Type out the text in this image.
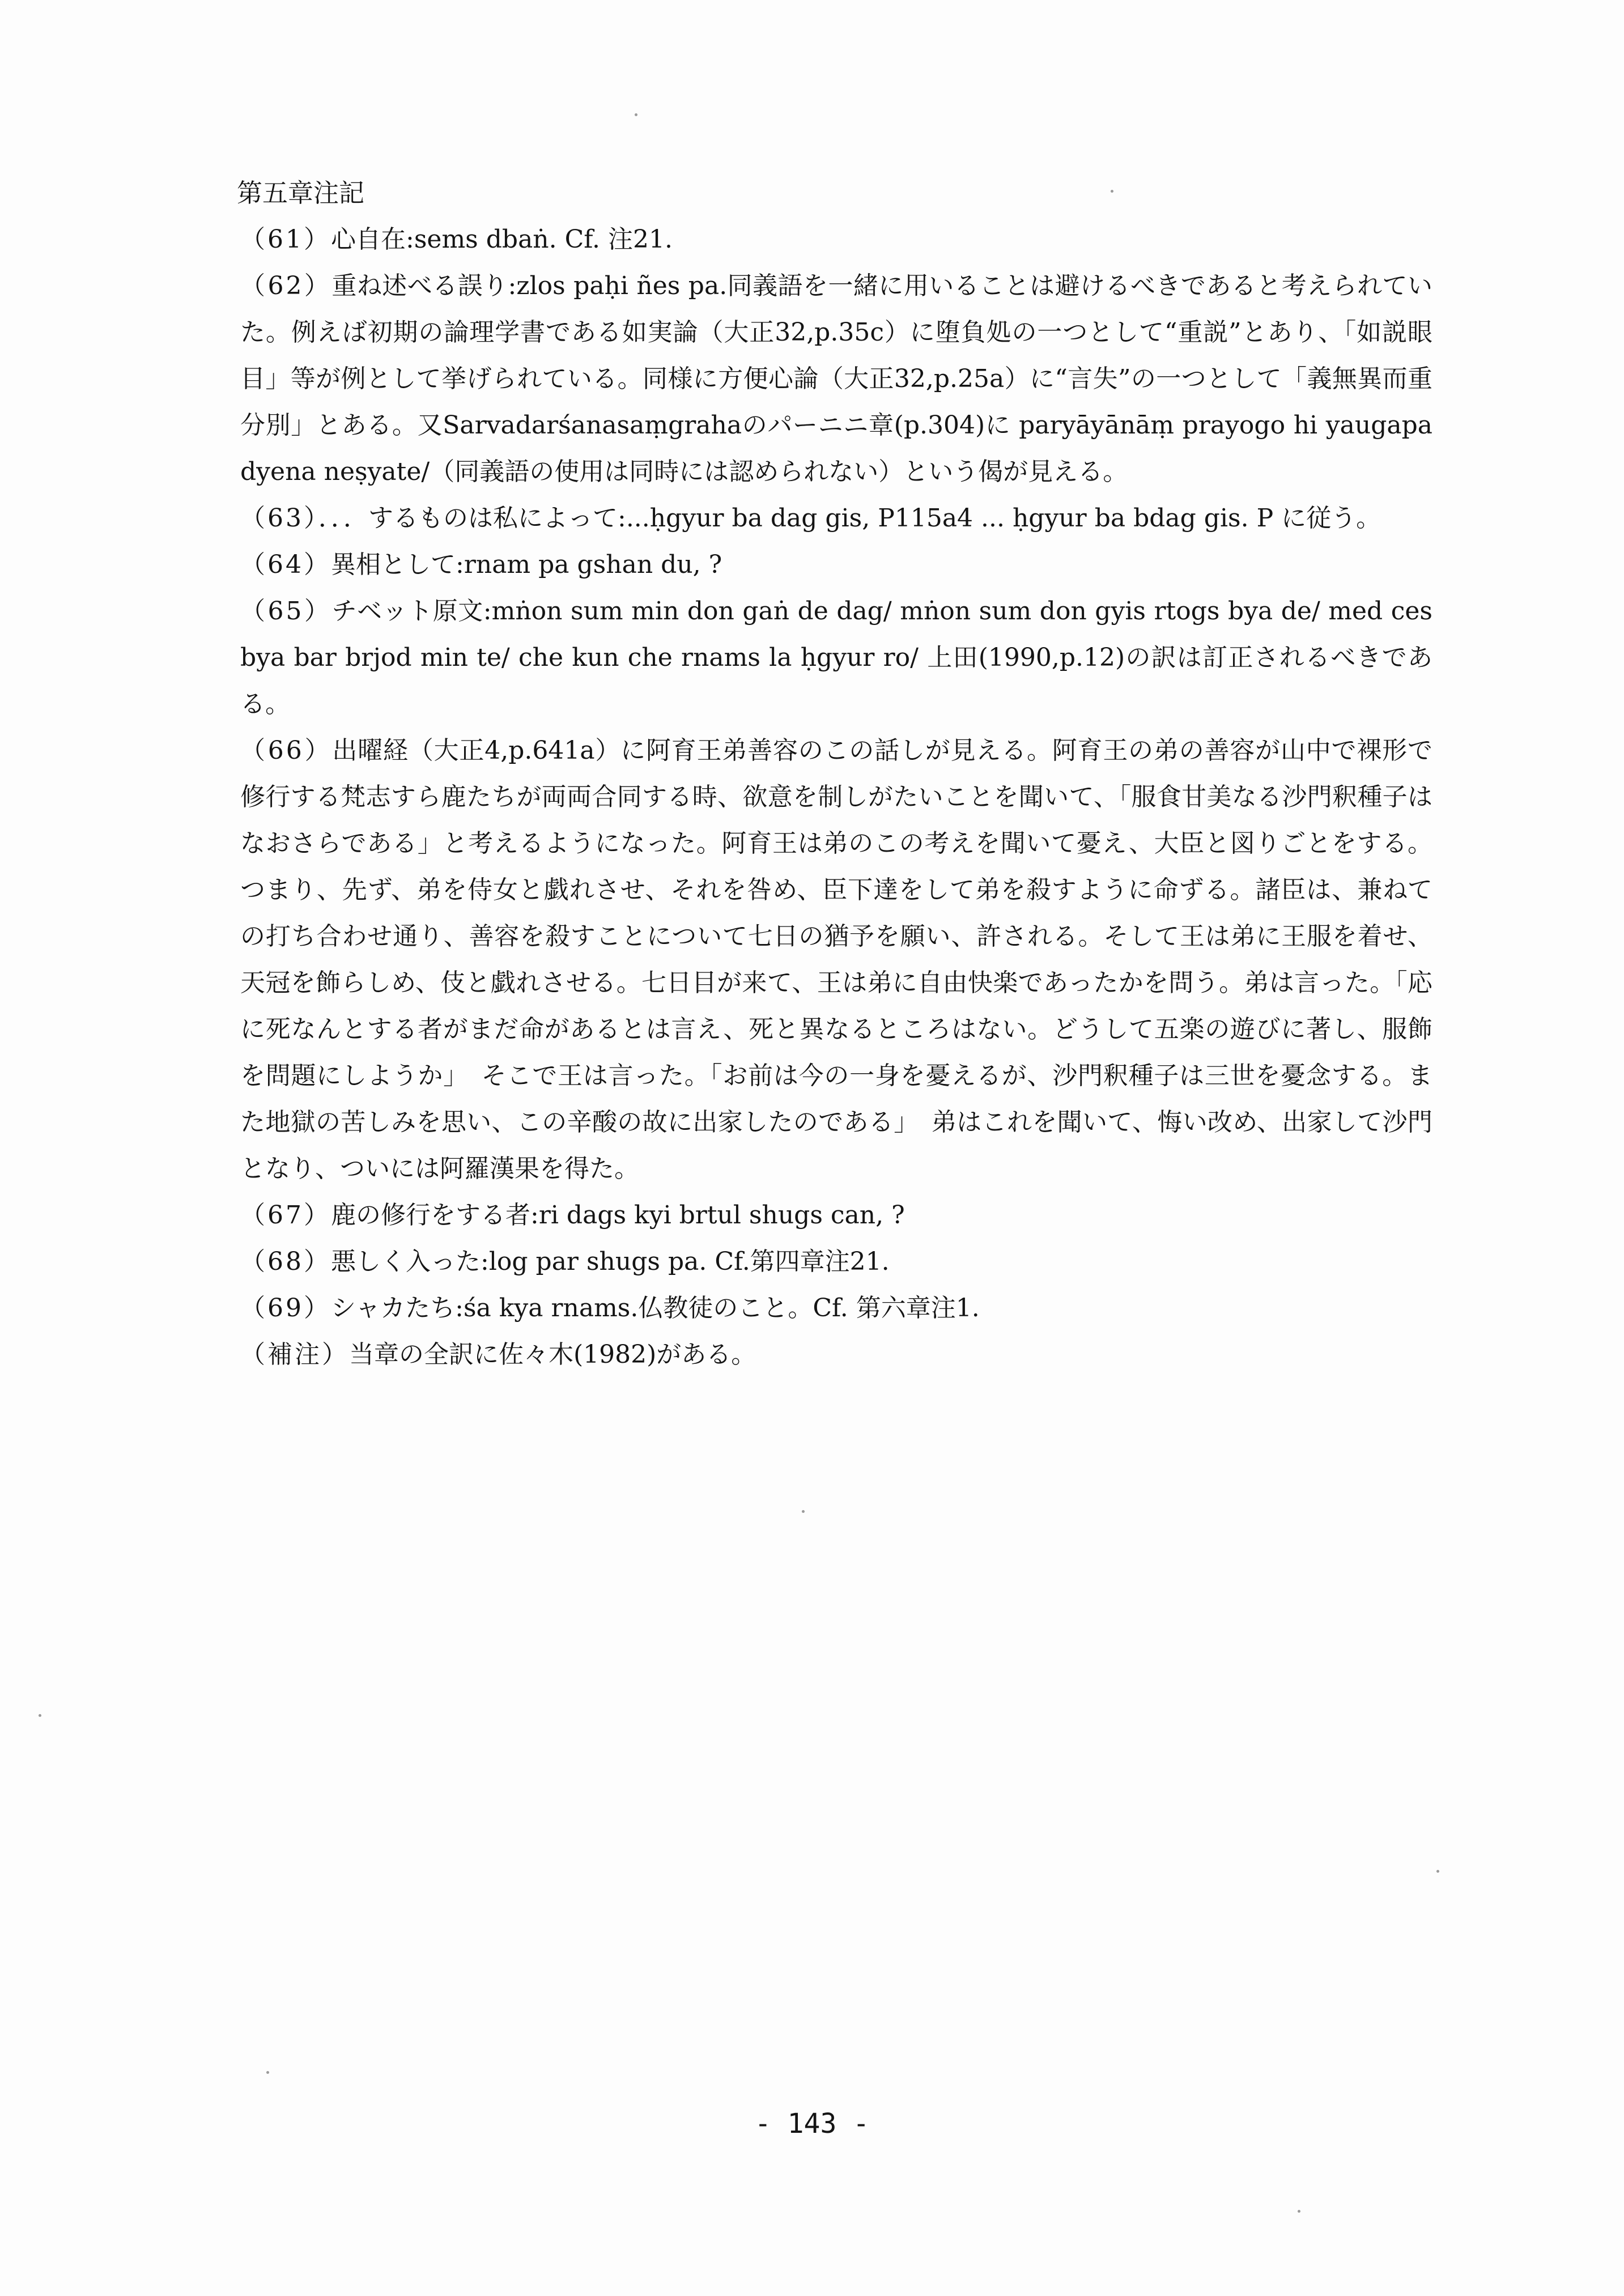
第五章注記

（61）心自在:sems dbaṅ. Cf. 注21.

（62）重ね述べる誤り:zlos paḥi ñes pa.同義語を一緒に用いることは避けるべきであると考えられていた。例えば初期の論理学書である如実論（大正32,p.35c）に堕負処の一つとして“重説”とあり、「如説眼目」等が例として挙げられている。同様に方便心論（大正32,p.25a）に“言失”の一つとして「義無異而重分別」とある。又Sarvadarśanasaṃgrahaのパーニニ章(p.304)に paryāyānāṃ prayogo hi yaugapadyena neṣyate/（同義語の使用は同時には認められない）という偈が見える。

（63）．．．するものは私によって:...ḥgyur ba dag gis, P115a4 ... ḥgyur ba bdag gis. P に従う。

（64）異相として:rnam pa gshan du, ?

（65）チベット原文:mṅon sum min don gaṅ de dag/ mṅon sum don gyis rtogs bya de/ med ces bya bar brjod min te/ che kun che rnams la ḥgyur ro/ 上田(1990,p.12)の訳は訂正されるべきである。

（66）出曜経（大正4,p.641a）に阿育王弟善容のこの話しが見える。阿育王の弟の善容が山中で裸形で修行する梵志すら鹿たちが両両合同する時、欲意を制しがたいことを聞いて、「服食甘美なる沙門釈種子はなおさらである」と考えるようになった。阿育王は弟のこの考えを聞いて憂え、大臣と図りごとをする。つまり、先ず、弟を侍女と戯れさせ、それを咎め、臣下達をして弟を殺すように命ずる。諸臣は、兼ねての打ち合わせ通り、善容を殺すことについて七日の猶予を願い、許される。そして王は弟に王服を着せ、天冠を飾らしめ、伎と戯れさせる。七日目が来て、王は弟に自由快楽であったかを問う。弟は言った。「応に死なんとする者がまだ命があるとは言え、死と異なるところはない。どうして五楽の遊びに著し、服飾を問題にしようか」　そこで王は言った。「お前は今の一身を憂えるが、沙門釈種子は三世を憂念する。また地獄の苦しみを思い、この辛酸の故に出家したのである」　弟はこれを聞いて、悔い改め、出家して沙門となり、ついには阿羅漢果を得た。

（67）鹿の修行をする者:ri dags kyi brtul shugs can, ?

（68）悪しく入った:log par shugs pa. Cf.第四章注21.

（69）シャカたち:śa kya rnams.仏教徒のこと。Cf. 第六章注1.

（補注）当章の全訳に佐々木(1982)がある。

- 143 -
